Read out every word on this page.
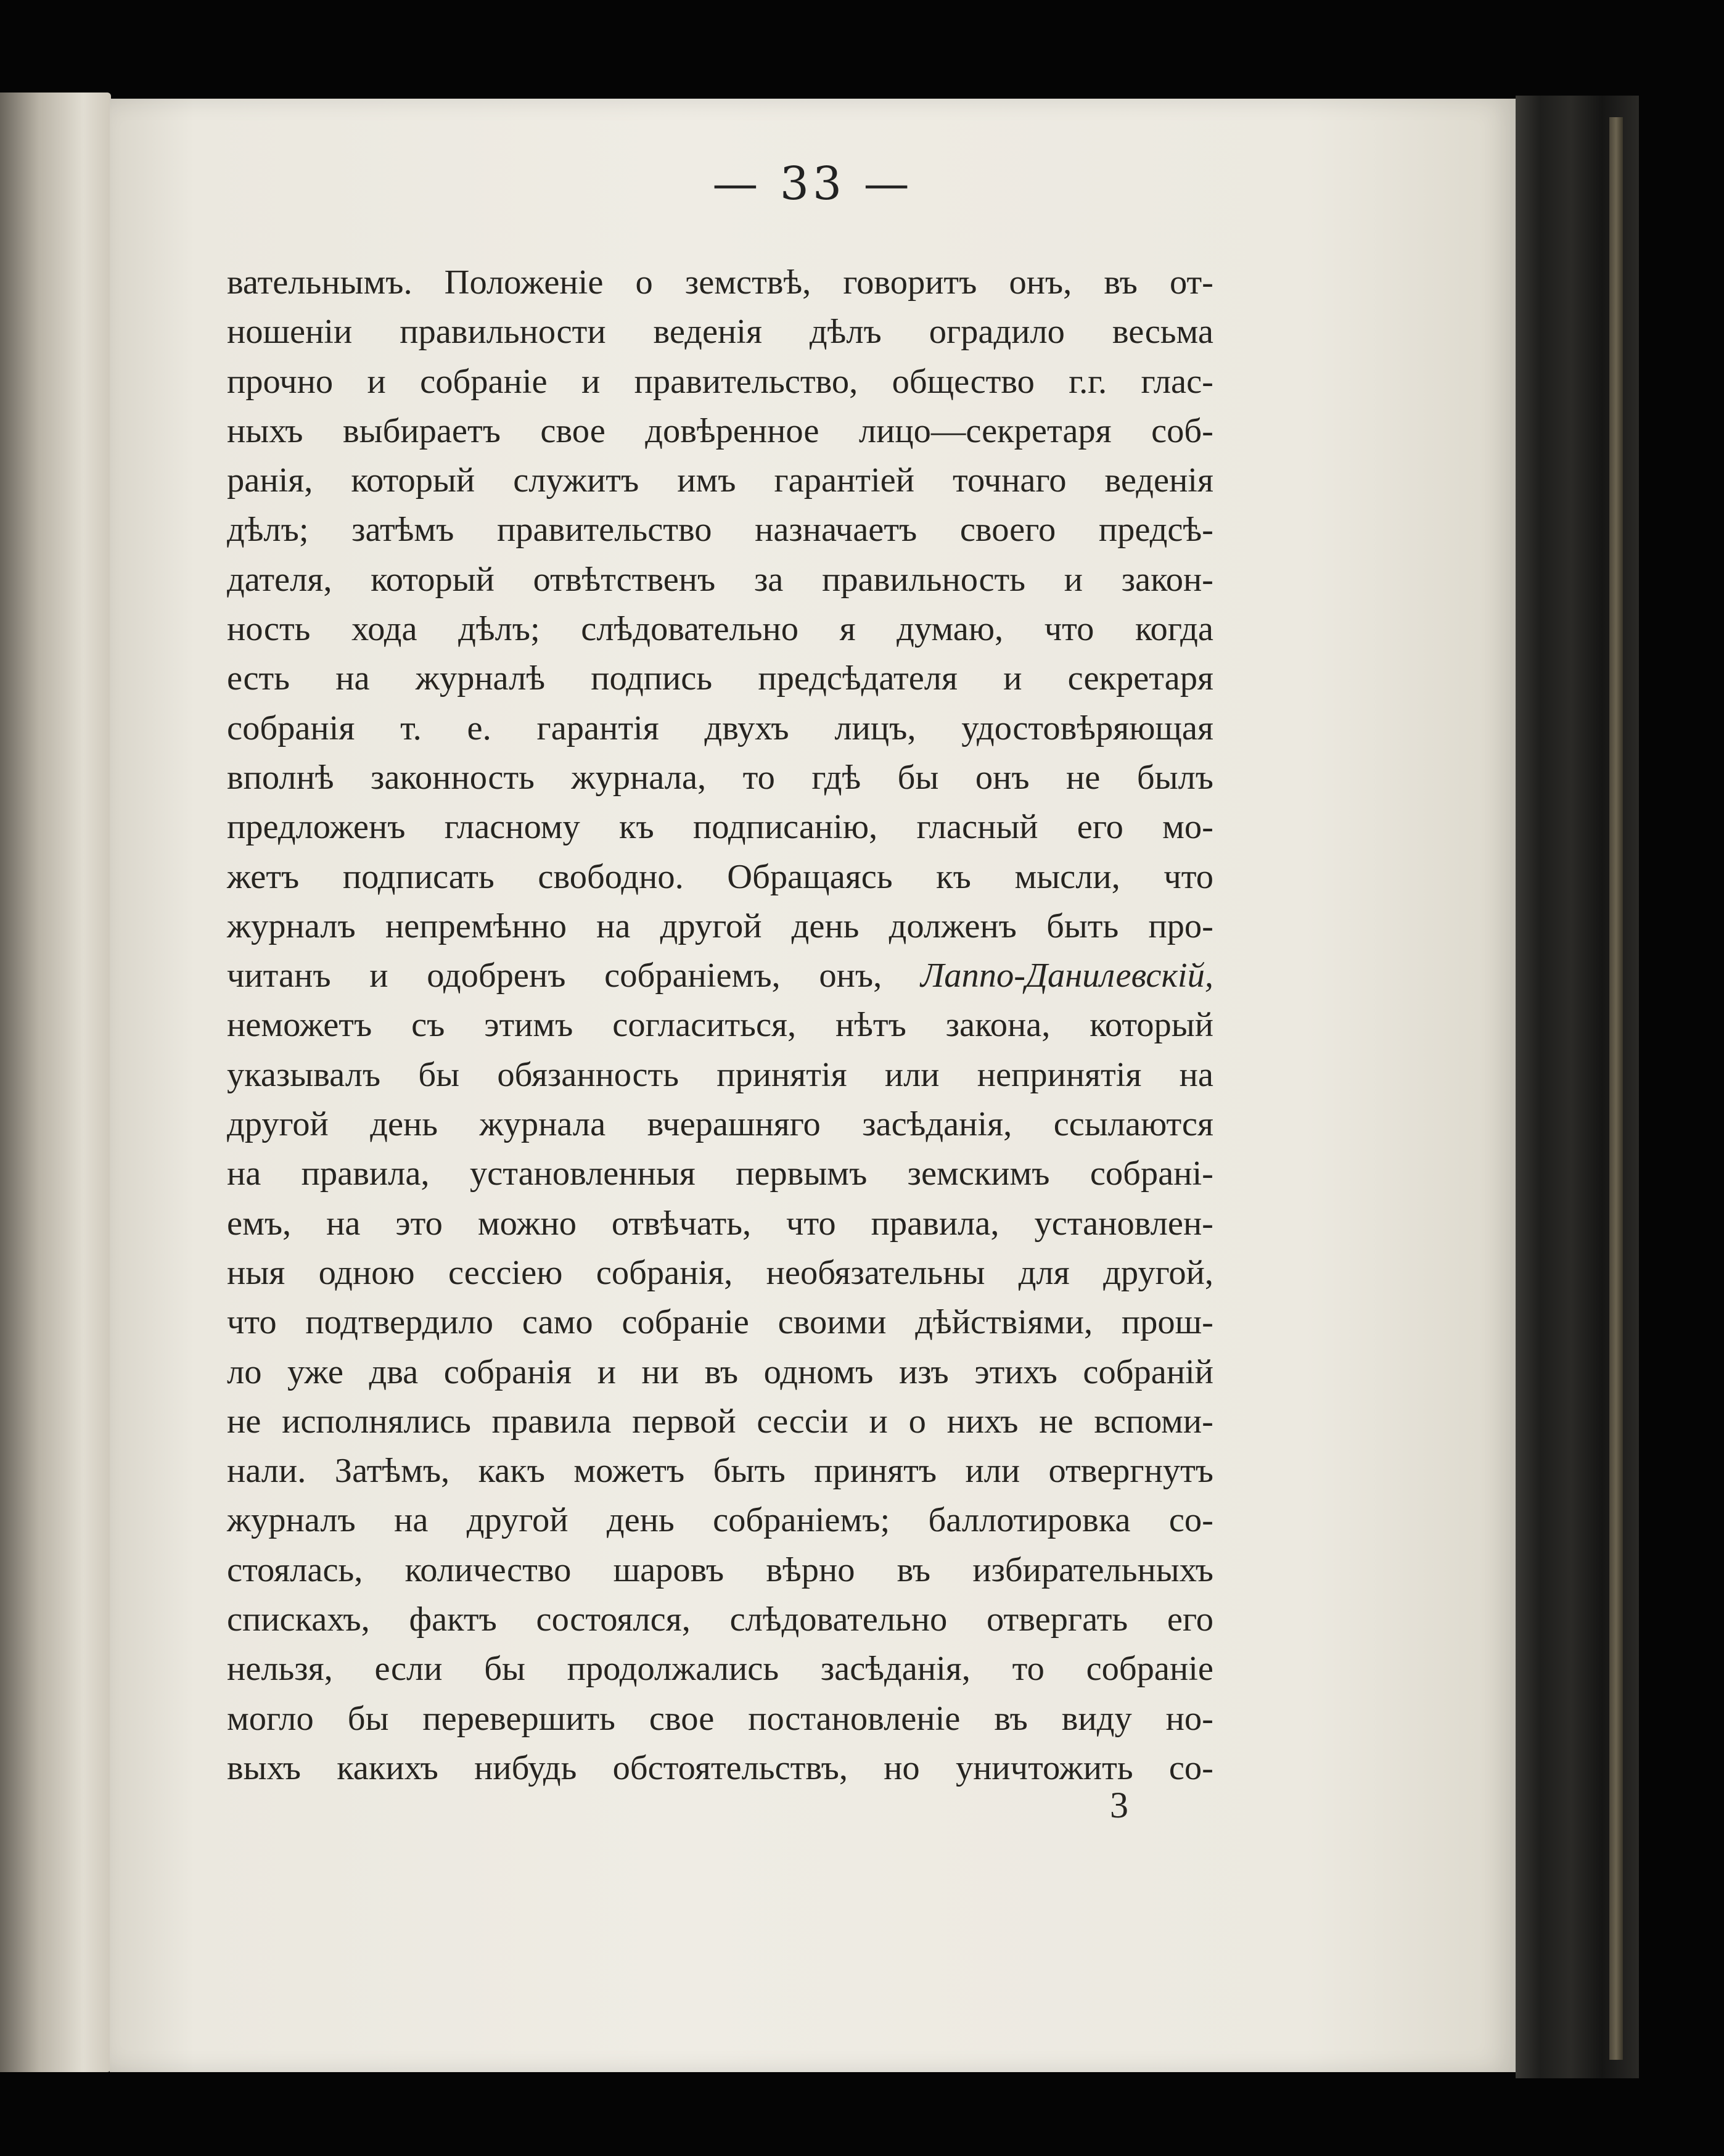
— 33 —
вательнымъ. Положеніе о земствѣ, говоритъ онъ, въ от-
ношеніи правильности веденія дѣлъ оградило весьма
прочно и собраніе и правительство, общество г.г. глас-
ныхъ выбираетъ свое довѣренное лицо—секретаря соб-
ранія, который служитъ имъ гарантіей точнаго веденія
дѣлъ; затѣмъ правительство назначаетъ своего предсѣ-
дателя, который отвѣтственъ за правильность и закон-
ность хода дѣлъ; слѣдовательно я думаю, что когда
есть на журналѣ подпись предсѣдателя и секретаря
собранія т. е. гарантія двухъ лицъ, удостовѣряющая
вполнѣ законность журнала, то гдѣ бы онъ не былъ
предложенъ гласному къ подписанію, гласный его мо-
жетъ подписать свободно. Обращаясь къ мысли, что
журналъ непремѣнно на другой день долженъ быть про-
читанъ и одобренъ собраніемъ, онъ, Лаппо-Данилевскій,
неможетъ съ этимъ согласиться, нѣтъ закона, который
указывалъ бы обязанность принятія или непринятія на
другой день журнала вчерашняго засѣданія, ссылаются
на правила, установленныя первымъ земскимъ собрані-
емъ, на это можно отвѣчать, что правила, установлен-
ныя одною сессіею собранія, необязательны для другой,
что подтвердило само собраніе своими дѣйствіями, прош-
ло уже два собранія и ни въ одномъ изъ этихъ собраній
не исполнялись правила первой сессіи и о нихъ не вспоми-
нали. Затѣмъ, какъ можетъ быть принятъ или отвергнутъ
журналъ на другой день собраніемъ; баллотировка со-
стоялась, количество шаровъ вѣрно въ избирательныхъ
спискахъ, фактъ состоялся, слѣдовательно отвергать его
нельзя, если бы продолжались засѣданія, то собраніе
могло бы перевершить свое постановленіе въ виду но-
выхъ какихъ нибудь обстоятельствъ, но уничтожить со-
3
